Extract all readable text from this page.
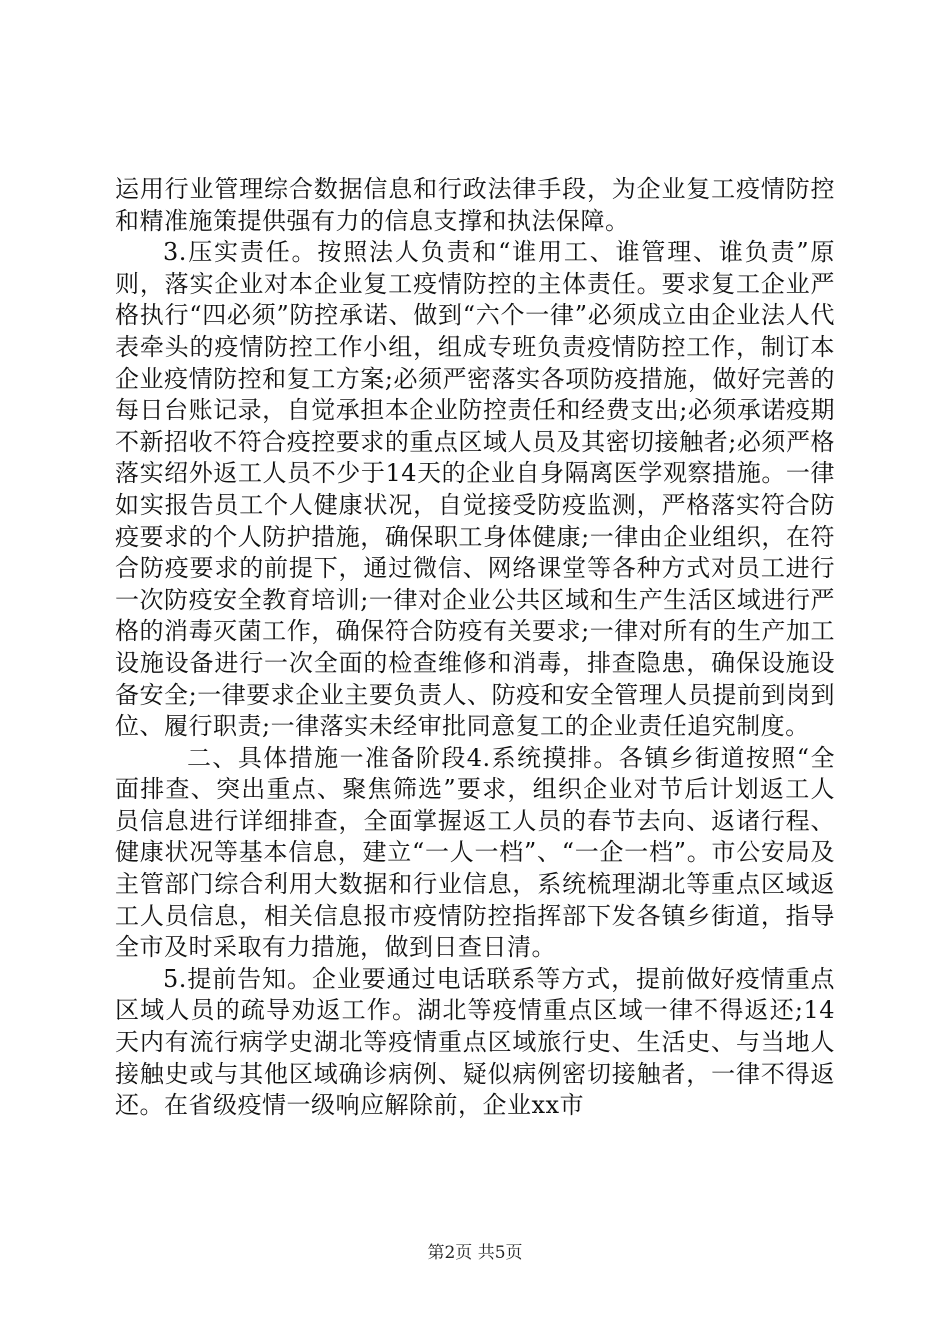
运用行业管理综合数据信息和行政法律手段，为企业复工疫情防控和精准施策提供强有力的信息支撑和执法保障。

3.压实责任。按照法人负责和“谁用工、谁管理、谁负责”原则，落实企业对本企业复工疫情防控的主体责任。要求复工企业严格执行“四必须”防控承诺、做到“六个一律”必须成立由企业法人代表牵头的疫情防控工作小组，组成专班负责疫情防控工作，制订本企业疫情防控和复工方案;必须严密落实各项防疫措施，做好完善的每日台账记录，自觉承担本企业防控责任和经费支出;必须承诺疫期不新招收不符合疫控要求的重点区域人员及其密切接触者;必须严格落实绍外返工人员不少于14天的企业自身隔离医学观察措施。一律如实报告员工个人健康状况，自觉接受防疫监测，严格落实符合防疫要求的个人防护措施，确保职工身体健康;一律由企业组织，在符合防疫要求的前提下，通过微信、网络课堂等各种方式对员工进行一次防疫安全教育培训;一律对企业公共区域和生产生活区域进行严格的消毒灭菌工作，确保符合防疫有关要求;一律对所有的生产加工设施设备进行一次全面的检查维修和消毒，排查隐患，确保设施设备安全;一律要求企业主要负责人、防疫和安全管理人员提前到岗到位、履行职责;一律落实未经审批同意复工的企业责任追究制度。

二、具体措施一准备阶段4.系统摸排。各镇乡街道按照“全面排查、突出重点、聚焦筛选”要求，组织企业对节后计划返工人员信息进行详细排查，全面掌握返工人员的春节去向、返诸行程、健康状况等基本信息，建立“一人一档”、“一企一档”。市公安局及主管部门综合利用大数据和行业信息，系统梳理湖北等重点区域返工人员信息，相关信息报市疫情防控指挥部下发各镇乡街道，指导全市及时采取有力措施，做到日查日清。

5.提前告知。企业要通过电话联系等方式，提前做好疫情重点区域人员的疏导劝返工作。湖北等疫情重点区域一律不得返还;14天内有流行病学史湖北等疫情重点区域旅行史、生活史、与当地人接触史或与其他区域确诊病例、疑似病例密切接触者，一律不得返还。在省级疫情一级响应解除前，企业xx市

第2页 共5页
